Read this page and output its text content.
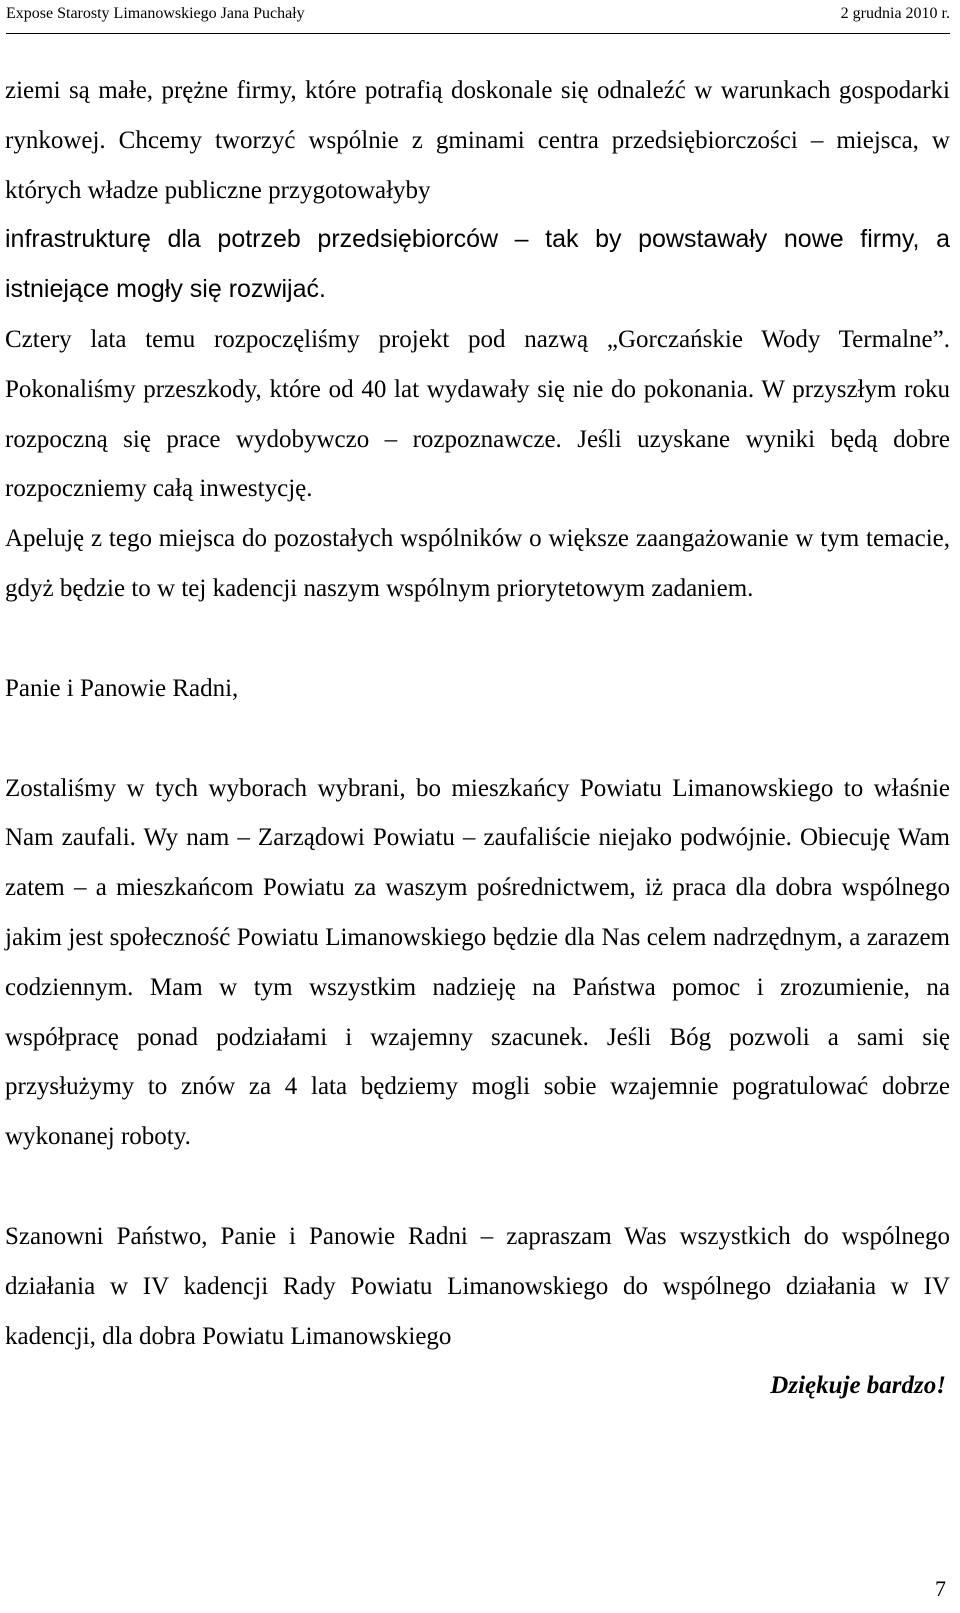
Expose Starosty Limanowskiego Jana Puchały	2 grudnia 2010 r.

ziemi są małe, prężne firmy, które potrafią doskonale się odnaleźć w warunkach gospodarki rynkowej. Chcemy tworzyć wspólnie z gminami centra przedsiębiorczości – miejsca, w których władze publiczne przygotowałyby

infrastrukturę dla potrzeb przedsiębiorców – tak by powstawały nowe firmy, a istniejące mogły się rozwijać.

Cztery lata temu rozpoczęliśmy projekt pod nazwą „Gorczańskie Wody Termalne”. Pokonaliśmy przeszkody, które od 40 lat wydawały się nie do pokonania. W przyszłym roku rozpoczną się prace wydobywczo – rozpoznawcze. Jeśli uzyskane wyniki będą dobre rozpoczniemy całą inwestycję.

Apeluję z tego miejsca do pozostałych wspólników o większe zaangażowanie w tym temacie, gdyż będzie to w tej kadencji naszym wspólnym priorytetowym zadaniem.

Panie i Panowie Radni,

Zostaliśmy w tych wyborach wybrani, bo mieszkańcy Powiatu Limanowskiego to właśnie Nam zaufali. Wy nam – Zarządowi Powiatu – zaufaliście niejako podwójnie. Obiecuję Wam zatem – a mieszkańcom Powiatu za waszym pośrednictwem, iż praca dla dobra wspólnego jakim jest społeczność Powiatu Limanowskiego będzie dla Nas celem nadrzędnym, a zarazem codziennym. Mam w tym wszystkim nadzieję na Państwa pomoc i zrozumienie, na współpracę ponad podziałami i wzajemny szacunek. Jeśli Bóg pozwoli a sami się przysłużymy to znów za 4 lata będziemy mogli sobie wzajemnie pogratulować dobrze wykonanej roboty.

Szanowni Państwo, Panie i Panowie Radni – zapraszam Was wszystkich do wspólnego działania w IV kadencji Rady Powiatu Limanowskiego do wspólnego działania w IV kadencji, dla dobra Powiatu Limanowskiego

Dziękuje bardzo!

7
